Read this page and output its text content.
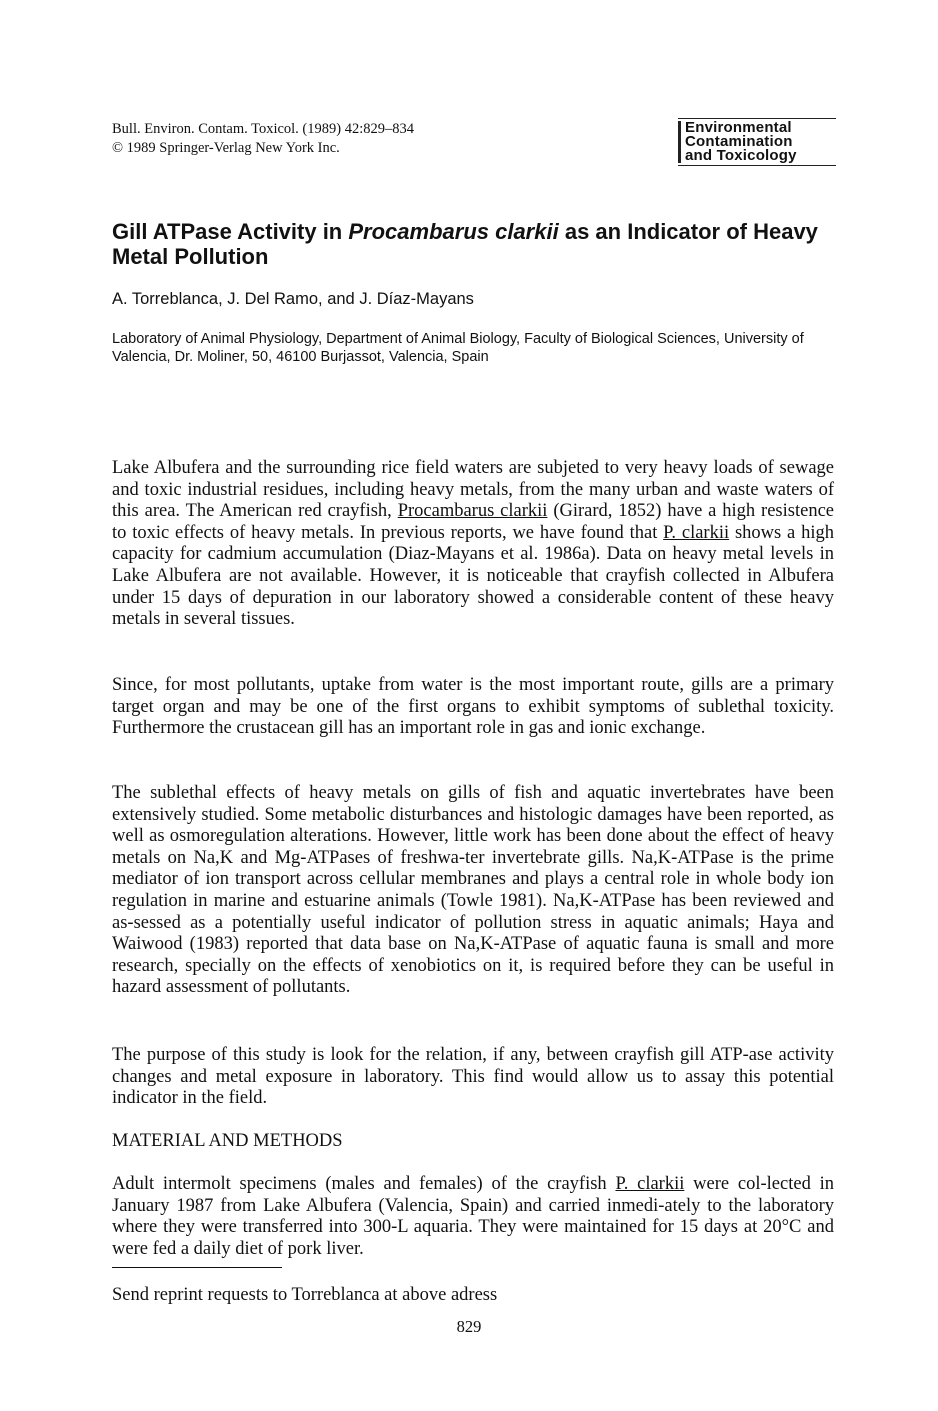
Bull. Environ. Contam. Toxicol. (1989) 42:829–834
© 1989 Springer-Verlag New York Inc.
Environmental
Contamination
and Toxicology
Gill ATPase Activity in Procambarus clarkii as an Indicator of Heavy Metal Pollution
A. Torreblanca, J. Del Ramo, and J. Díaz-Mayans
Laboratory of Animal Physiology, Department of Animal Biology, Faculty of Biological Sciences, University of Valencia, Dr. Moliner, 50, 46100 Burjassot, Valencia, Spain

Lake Albufera and the surrounding rice field waters are subjeted to very heavy loads of sewage and toxic industrial residues, including heavy metals, from the many urban and waste waters of this area. The American red crayfish, Procambarus clarkii (Girard, 1852) have a high resistence to toxic effects of heavy metals. In previous reports, we have found that P. clarkii shows a high capacity for cadmium accumulation (Diaz-Mayans et al. 1986a). Data on heavy metal levels in Lake Albufera are not available. However, it is noticeable that crayfish collected in Albufera under 15 days of depuration in our laboratory showed a considerable content of these heavy metals in several tissues.

Since, for most pollutants, uptake from water is the most important route, gills are a primary target organ and may be one of the first organs to exhibit symptoms of sublethal toxicity. Furthermore the crustacean gill has an important role in gas and ionic exchange.

The sublethal effects of heavy metals on gills of fish and aquatic invertebrates have been extensively studied. Some metabolic disturbances and histologic damages have been reported, as well as osmoregulation alterations. However, little work has been done about the effect of heavy metals on Na,K and Mg-ATPases of freshwa-ter invertebrate gills. Na,K-ATPase is the prime mediator of ion transport across cellular membranes and plays a central role in whole body ion regulation in marine and estuarine animals (Towle 1981). Na,K-ATPase has been reviewed and as-sessed as a potentially useful indicator of pollution stress in aquatic animals; Haya and Waiwood (1983) reported that data base on Na,K-ATPase of aquatic fauna is small and more research, specially on the effects of xenobiotics on it, is required before they can be useful in hazard assessment of pollutants.

The purpose of this study is look for the relation, if any, between crayfish gill ATP-ase activity changes and metal exposure in laboratory. This find would allow us to assay this potential indicator in the field.

MATERIAL AND METHODS

Adult intermolt specimens (males and females) of the crayfish P. clarkii were col-lected in January 1987 from Lake Albufera (Valencia, Spain) and carried inmedi-ately to the laboratory where they were transferred into 300-L aquaria. They were maintained for 15 days at 20°C and were fed a daily diet of pork liver.

Send reprint requests to Torreblanca at above adress
829
